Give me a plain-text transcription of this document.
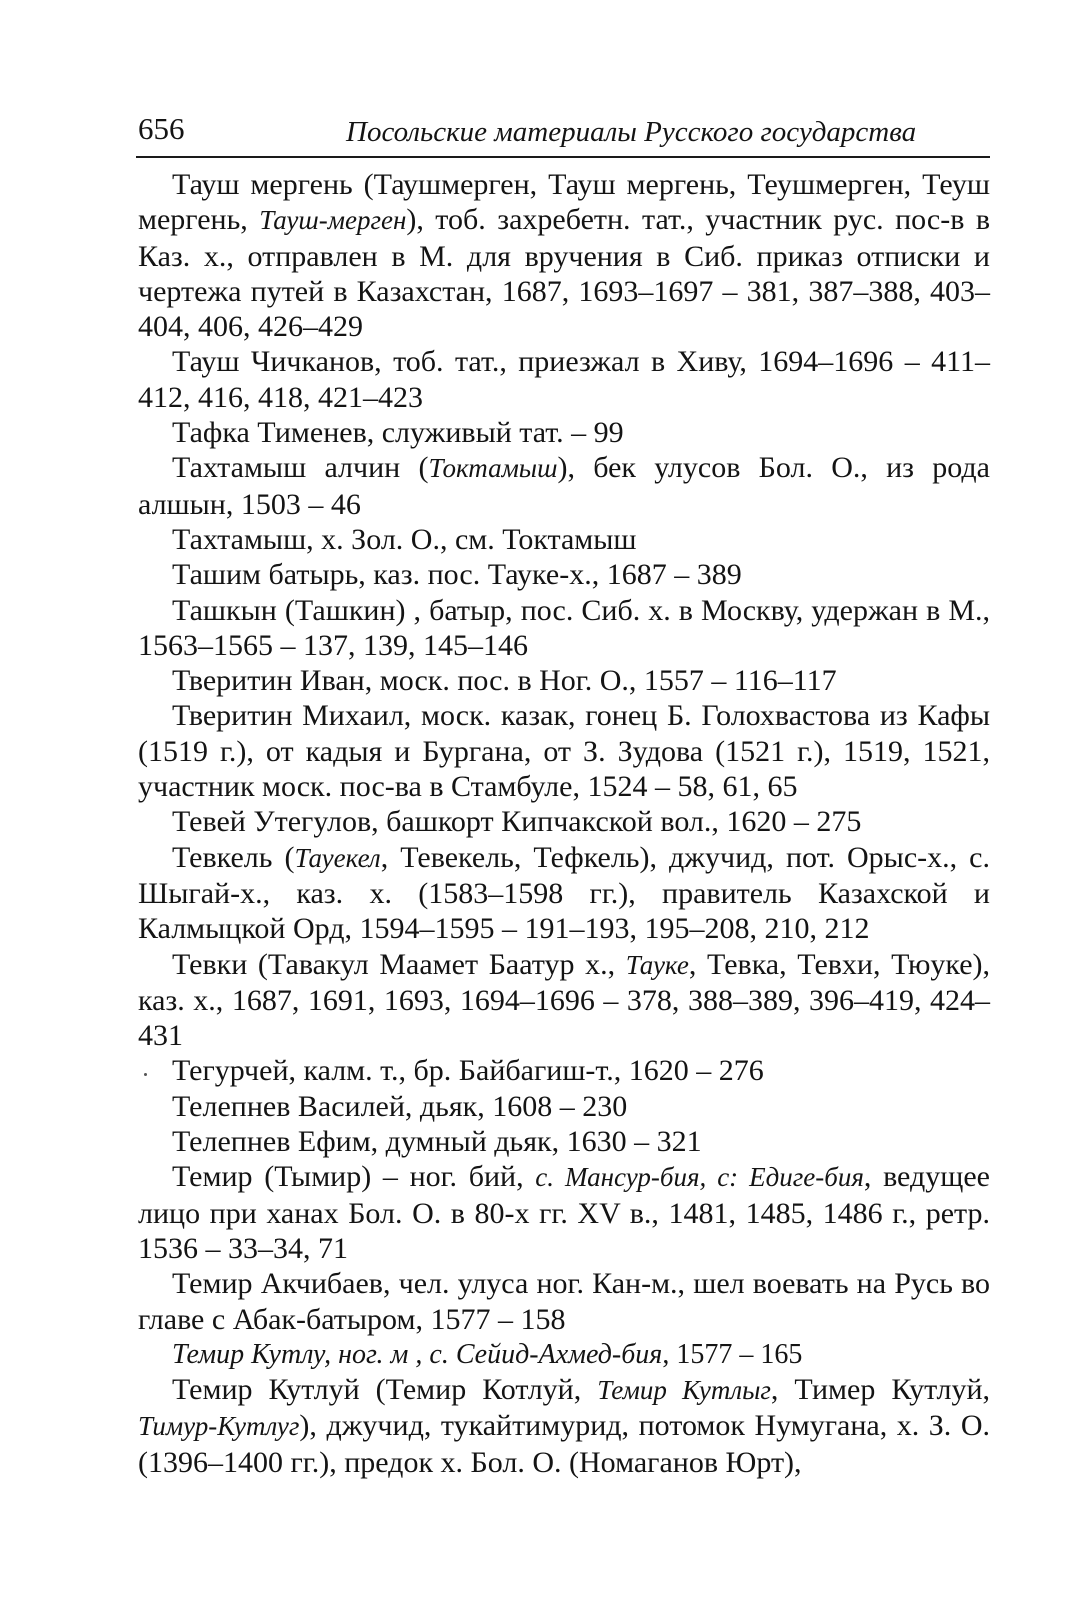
656	Посольские материалы Русского государства

Тауш мергень (Таушмерген, Тауш мергень, Теушмерген, Теуш мергень, Тауш-мерген), тоб. захребетн. тат., участник рус. пос-в в Каз. х., отправлен в М. для вручения в Сиб. приказ отписки и чертежа путей в Казахстан, 1687, 1693–1697 – 381, 387–388, 403–404, 406, 426–429

Тауш Чичканов, тоб. тат., приезжал в Хиву, 1694–1696 – 411–412, 416, 418, 421–423

Тафка Тименев, служивый тат. – 99

Тахтамыш алчин (Токтамыш), бек улусов Бол. О., из рода алшын, 1503 – 46

Тахтамыш, х. Зол. О., см. Токтамыш

Ташим батырь, каз. пос. Тауке-х., 1687 – 389

Ташкын (Ташкин) , батыр, пос. Сиб. х. в Москву, удержан в М., 1563–1565 – 137, 139, 145–146

Тверитин Иван, моск. пос. в Ног. О., 1557 – 116–117

Тверитин Михаил, моск. казак, гонец Б. Голохвастова из Кафы (1519 г.), от кадыя и Бургана, от З. Зудова (1521 г.), 1519, 1521, участник моск. пос-ва в Стамбуле, 1524 – 58, 61, 65

Тевей Утегулов, башкорт Кипчакской вол., 1620 – 275

Тевкель (Тауекел, Тевекель, Тефкель), джучид, пот. Орыс-х., с. Шыгай-х., каз. х. (1583–1598 гг.), правитель Казахской и Калмыцкой Орд, 1594–1595 – 191–193, 195–208, 210, 212

Тевки (Тавакул Маамет Баатур х., Тауке, Тевка, Тевхи, Тюуке), каз. х., 1687, 1691, 1693, 1694–1696 – 378, 388–389, 396–419, 424–431

Тегурчей, калм. т., бр. Байбагиш-т., 1620 – 276

Телепнев Василей, дьяк, 1608 – 230

Телепнев Ефим, думный дьяк, 1630 – 321

Темир (Тымир) – ног. бий, с. Мансур-бия, с: Едиге-бия, ведущее лицо при ханах Бол. О. в 80-х гг. XV в., 1481, 1485, 1486 г., ретр. 1536 – 33–34, 71

Темир Акчибаев, чел. улуса ног. Кан-м., шел воевать на Русь во главе с Абак-батыром, 1577 – 158

Темир Кутлу, ног. м , с. Сейид-Ахмед-бия, 1577 – 165

Темир Кутлуй (Темир Котлуй, Темир Кутлыг, Тимер Кутлуй, Тимур-Кутлуг), джучид, тукайтимурид, потомок Нумугана, х. З. О. (1396–1400 гг.), предок х. Бол. О. (Номаганов Юрт),
